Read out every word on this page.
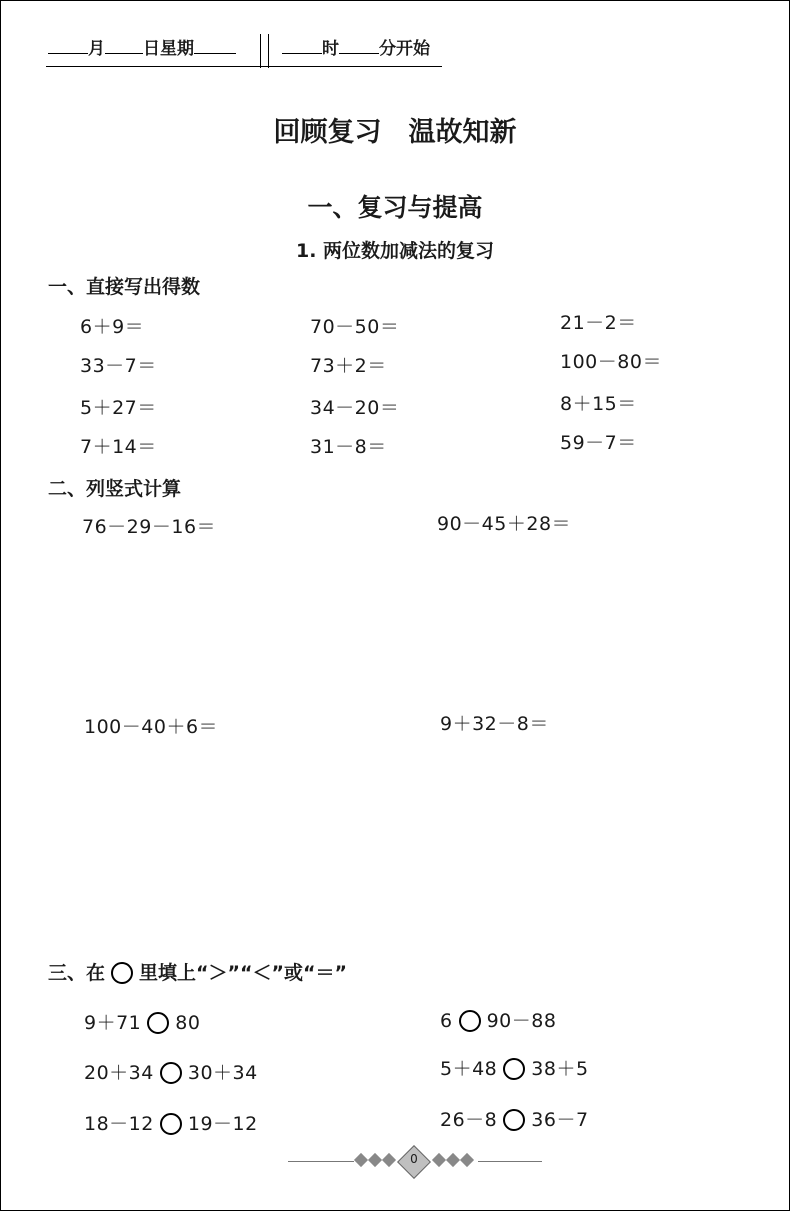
月 日星期	时 分开始
回顾复习　温故知新
一、复习与提高
1. 两位数加减法的复习
一、直接写出得数
6＋9＝	70－50＝	21－2＝
33－7＝	73＋2＝	100－80＝
5＋27＝	34－20＝	8＋15＝
7＋14＝	31－8＝	59－7＝
二、列竖式计算
76－29－16＝	90－45＋28＝
100－40＋6＝	9＋32－8＝
三、在 里填上“＞”“＜”或“＝”
9＋71 80	6 90－88
20＋34 30＋34	5＋48 38＋5
18－12 19－12	26－8 36－7
0
